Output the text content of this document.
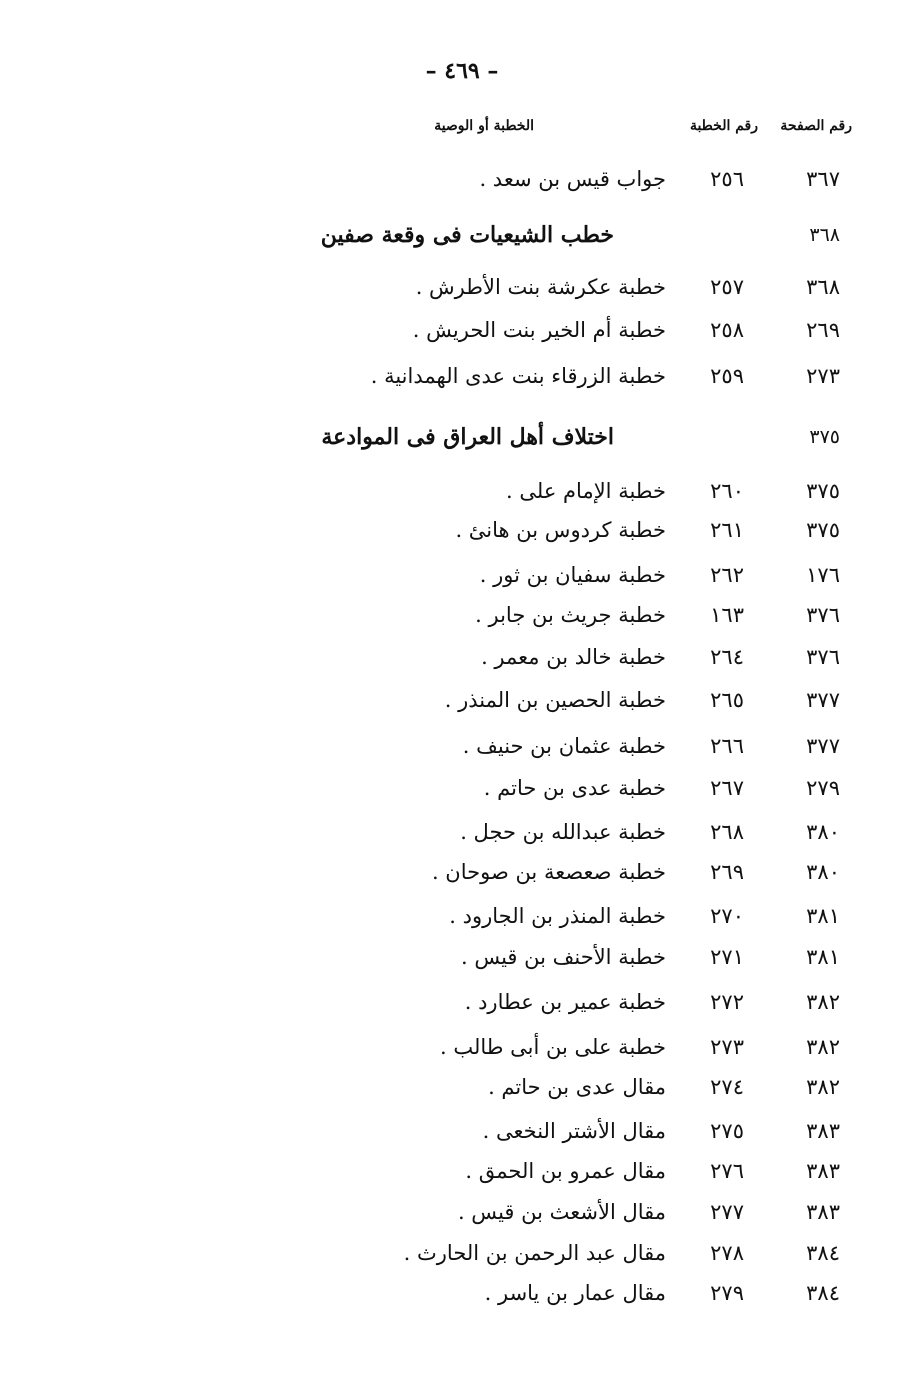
– ٤٦٩ –
رقم الصفحة
رقم الخطبة
الخطبة أو الوصية
٣٦٧
٢٥٦
جواب قيس بن سعد .
٣٦٨
خطب الشيعيات فى وقعة صفين
٣٦٨
٢٥٧
خطبة عكرشة بنت الأطرش .
٢٦٩
٢٥٨
خطبة أم الخير بنت الحريش .
٢٧٣
٢٥٩
خطبة الزرقاء بنت عدى الهمدانية .
٣٧٥
اختلاف أهل العراق فى الموادعة
٣٧٥
٢٦٠
خطبة الإمام على .
٣٧٥
٢٦١
خطبة كردوس بن هانئ .
١٧٦
٢٦٢
خطبة سفيان بن ثور .
٣٧٦
١٦٣
خطبة جريث بن جابر .
٣٧٦
٢٦٤
خطبة خالد بن معمر .
٣٧٧
٢٦٥
خطبة الحصين بن المنذر .
٣٧٧
٢٦٦
خطبة عثمان بن حنيف .
٢٧٩
٢٦٧
خطبة عدى بن حاتم .
٣٨٠
٢٦٨
خطبة عبدالله بن حجل .
٣٨٠
٢٦٩
خطبة صعصعة بن صوحان .
٣٨١
٢٧٠
خطبة المنذر بن الجارود .
٣٨١
٢٧١
خطبة الأحنف بن قيس .
٣٨٢
٢٧٢
خطبة عمير بن عطارد .
٣٨٢
٢٧٣
خطبة على بن أبى طالب .
٣٨٢
٢٧٤
مقال عدى بن حاتم .
٣٨٣
٢٧٥
مقال الأشتر النخعى .
٣٨٣
٢٧٦
مقال عمرو بن الحمق .
٣٨٣
٢٧٧
مقال الأشعث بن قيس .
٣٨٤
٢٧٨
مقال عبد الرحمن بن الحارث .
٣٨٤
٢٧٩
مقال عمار بن ياسر .
